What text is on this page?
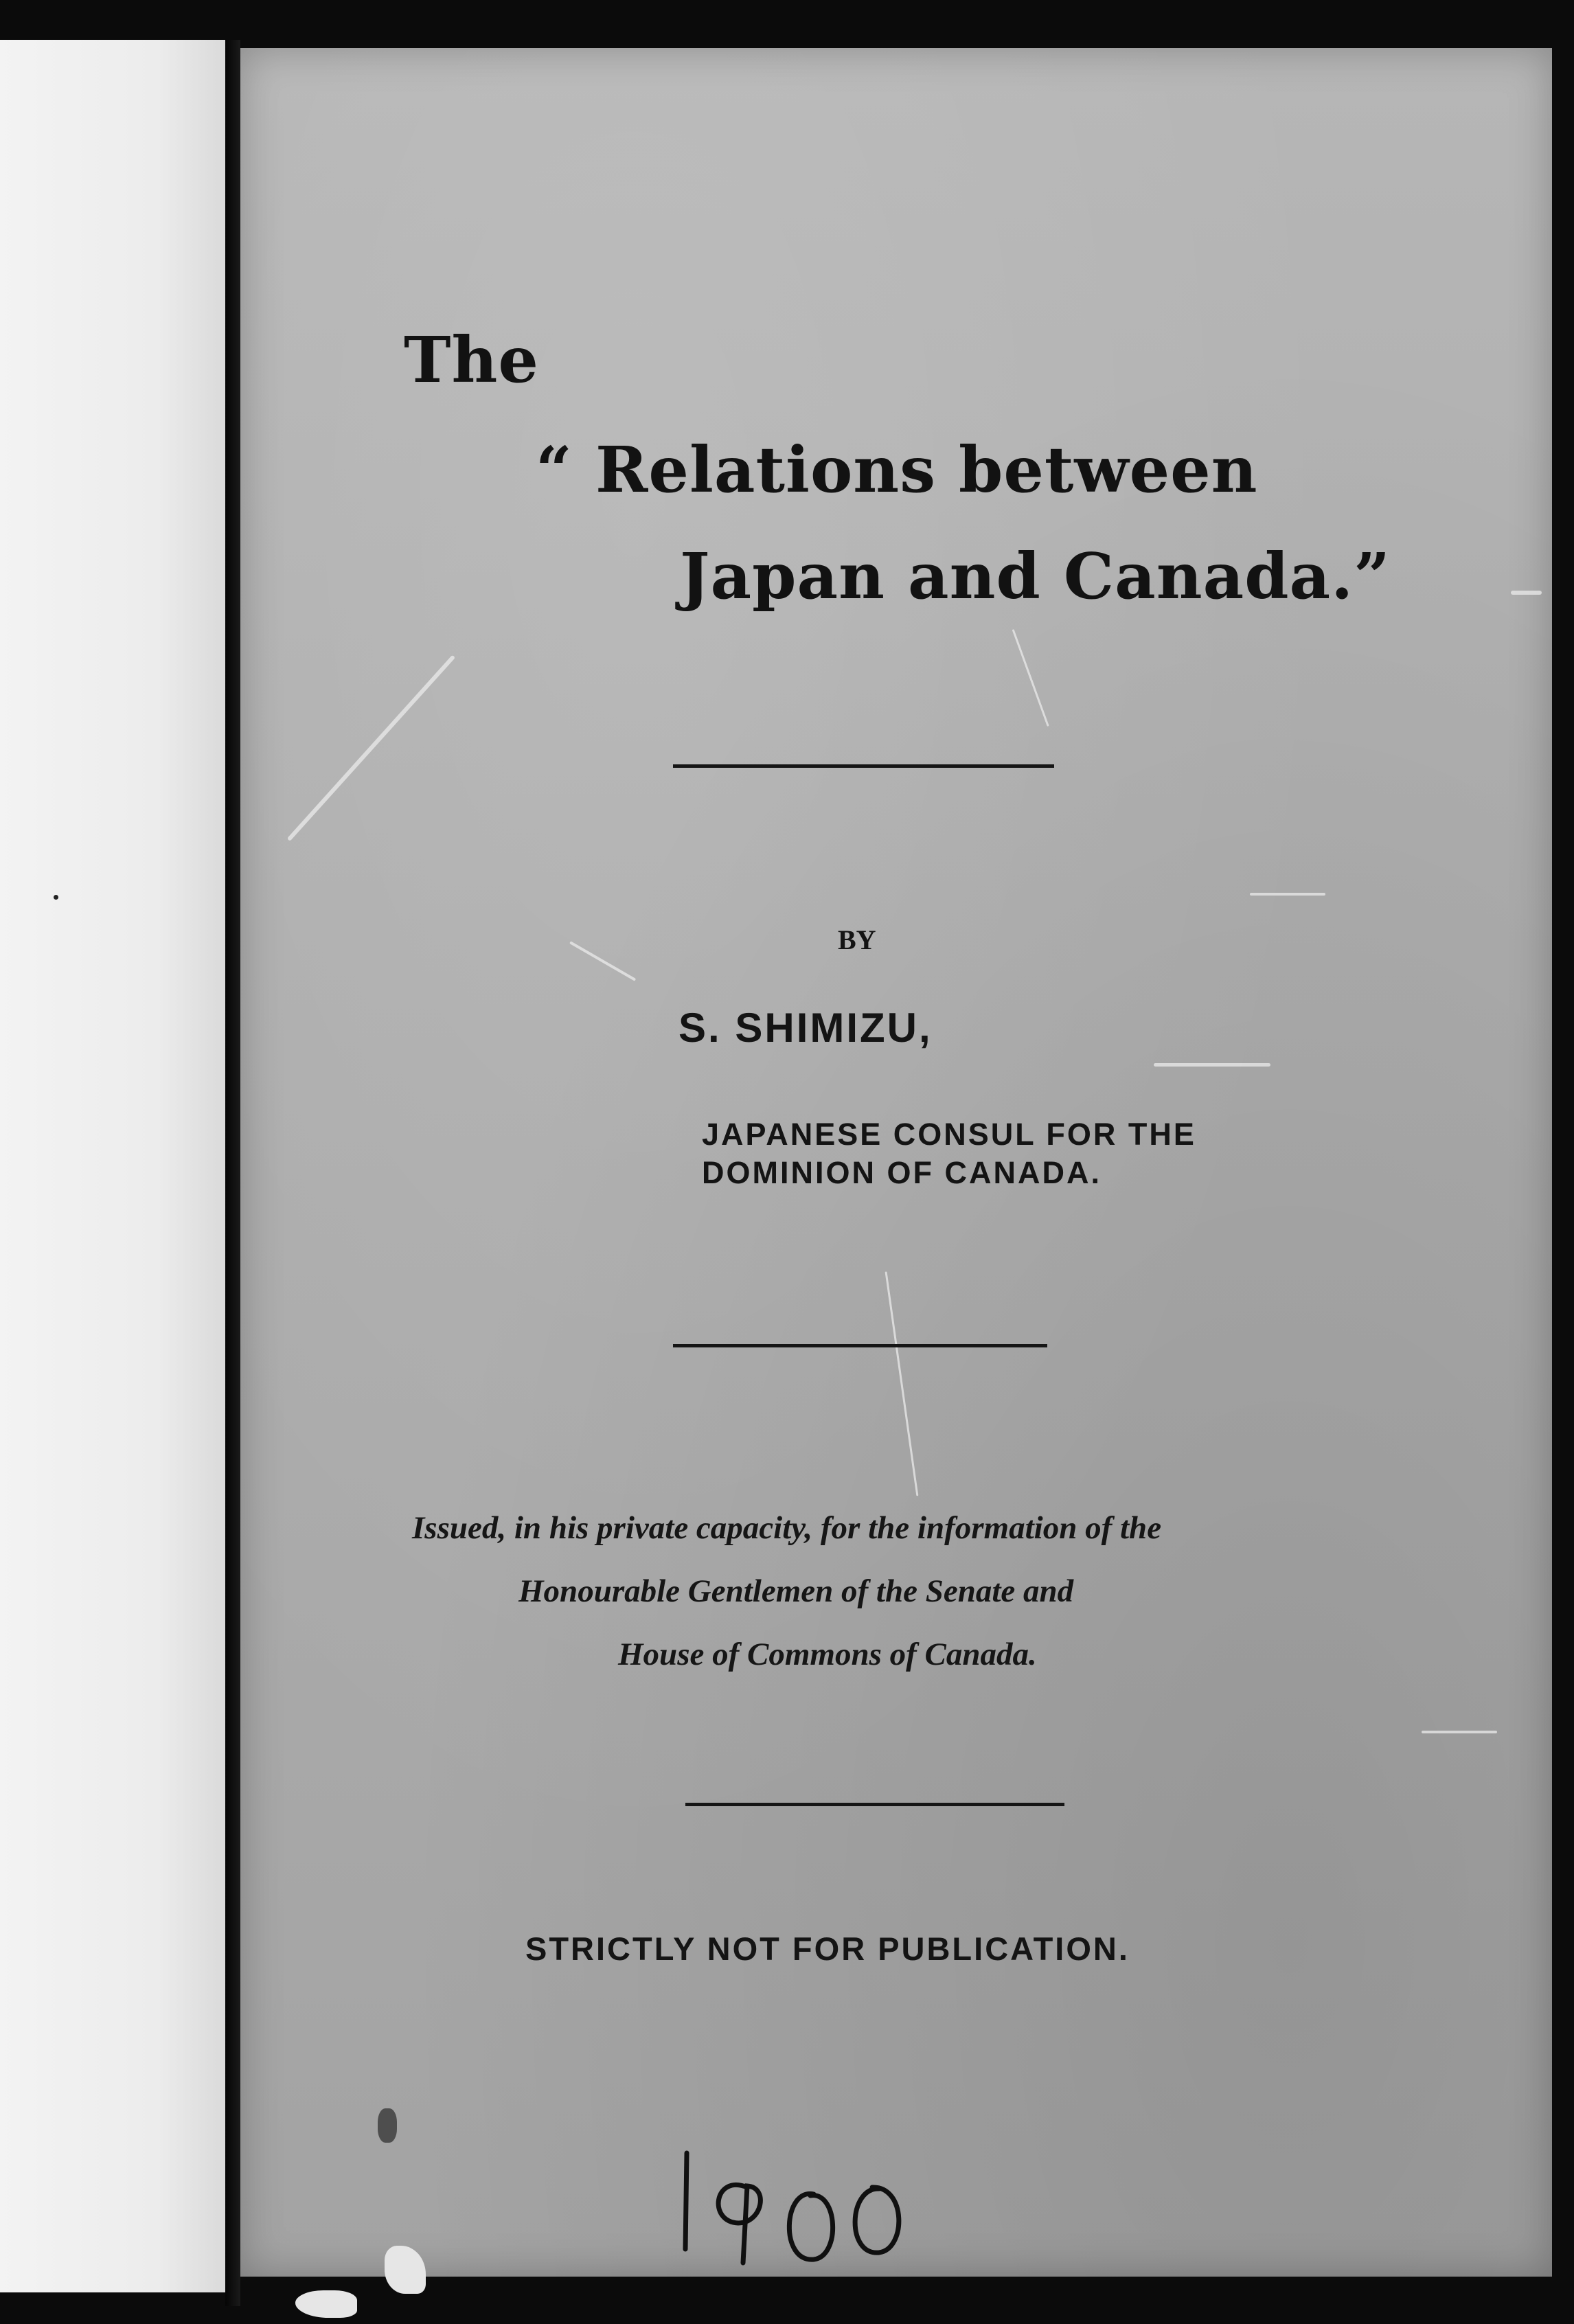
The

“ Relations between

Japan and Canada.”

BY

S. SHIMIZU,

JAPANESE CONSUL FOR THE

DOMINION OF CANADA.

Issued, in his private capacity, for the information of the

Honourable Gentlemen of the Senate and

House of Commons of Canada.

STRICTLY NOT FOR PUBLICATION.
